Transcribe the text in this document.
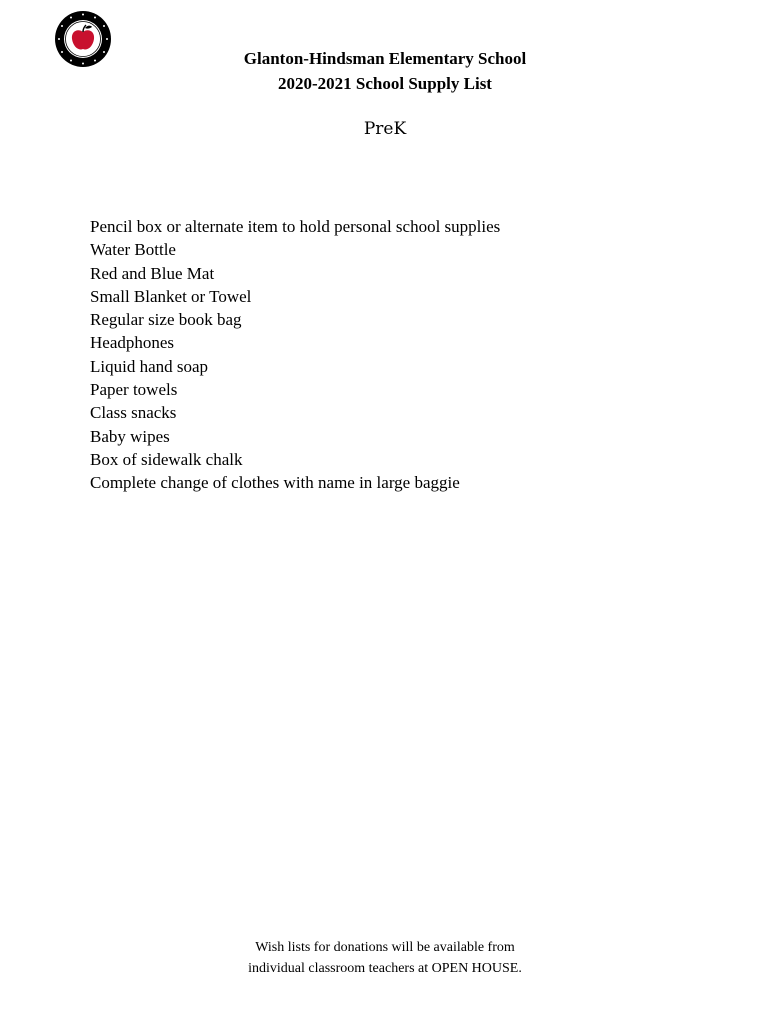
Glanton-Hindsman Elementary School
2020-2021 School Supply List
PreK
Pencil box or alternate item to hold personal school supplies
Water Bottle
Red and Blue Mat
Small Blanket or Towel
Regular size book bag
Headphones
Liquid hand soap
Paper towels
Class snacks
Baby wipes
Box of sidewalk chalk
Complete change of clothes with name in large baggie
Wish lists for donations will be available from
individual classroom teachers at OPEN HOUSE.
